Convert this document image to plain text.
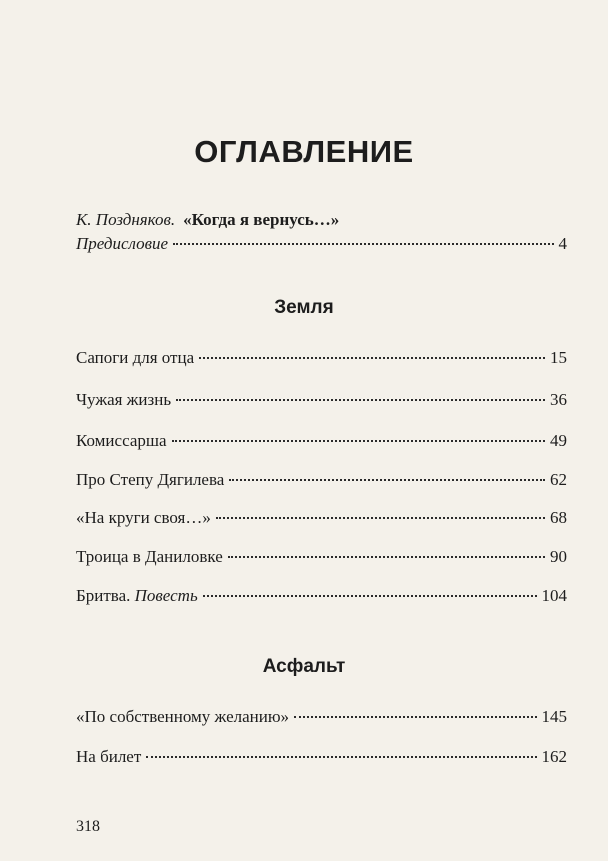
ОГЛАВЛЕНИЕ
К. Поздняков. «Когда я вернусь…»
Предисловие	4
Земля
Сапоги для отца	15
Чужая жизнь	36
Комиссарша	49
Про Степу Дягилева	62
«На круги своя…»	68
Троица в Даниловке	90
Бритва. Повесть	104
Асфальт
«По собственному желанию»	145
На билет	162
318
